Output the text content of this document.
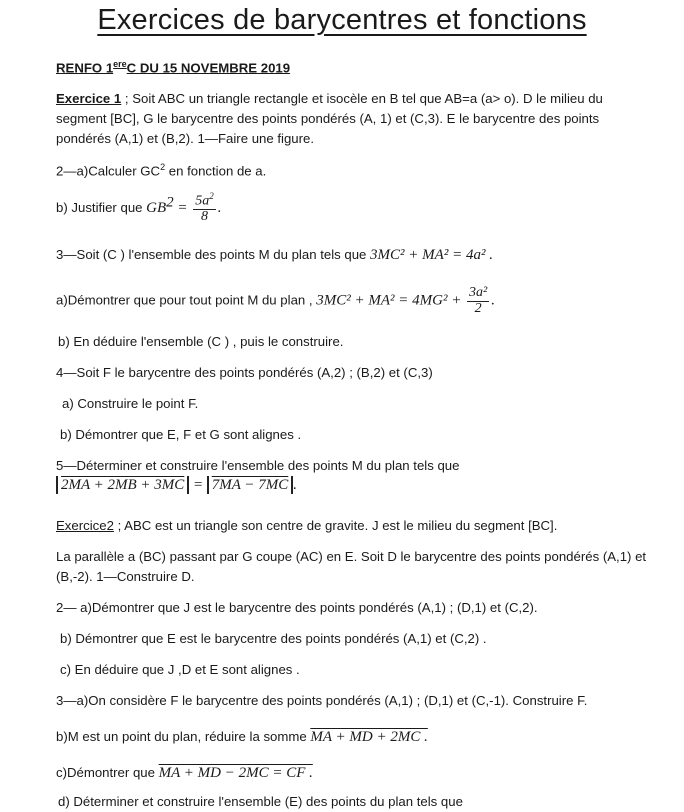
Exercices de barycentres et fonctions
RENFO 1ereC DU 15 NOVEMBRE 2019
Exercice 1 ; Soit ABC un triangle rectangle et isocèle en B tel que AB=a (a> o). D le milieu du
segment [BC], G le barycentre des points pondérés (A, 1) et (C,3). E le barycentre des points
pondérés (A,1) et (B,2). 1—Faire une figure.
2—a)Calculer $GC^2$ en fonction de a.
b) Justifier que $GB^2 = \frac{5a^2}{8}$ .
3—Soit (C ) l'ensemble des points M du plan tels que 3MC² + MA² = 4a² .
a)Démontrer que pour tout point M du plan , $3MC^2 + MA^2 = 4MG^2 + \frac{\text{3a²}}{2}$ .
b) En déduire l'ensemble (C ) , puis le construire.
4—Soit F le barycentre des points pondérés (A,2) ; (B,2) et (C,3)
a) Construire le point F.
b) Démontrer que E, F et G sont alignes .
5—Déterminer et construire l'ensemble des points M du plan tels que
2MA + 2MB + 3MC = 7MA − 7MC .
Exercice2 ; ABC est un triangle son centre de gravite. J est le milieu du segment [BC].
La parallèle a (BC) passant par G coupe (AC) en E. Soit D le barycentre des points pondérés (A,1) et
(B,-2). 1—Construire D.
2— a)Démontrer que J est le barycentre des points pondérés (A,1) ; (D,1) et (C,2).
b) Démontrer que E est le barycentre des points pondérés (A,1) et (C,2) .
c) En déduire que J ,D et E sont alignes .
3—a)On considère F le barycentre des points pondérés (A,1) ; (D,1) et (C,-1). Construire F.
b)M est un point du plan, réduire la somme MA + MD + 2MC .
c)Démontrer que MA + MD − 2MC = CF .
d) Déterminer et construire l'ensemble (E) des points du plan tels que
